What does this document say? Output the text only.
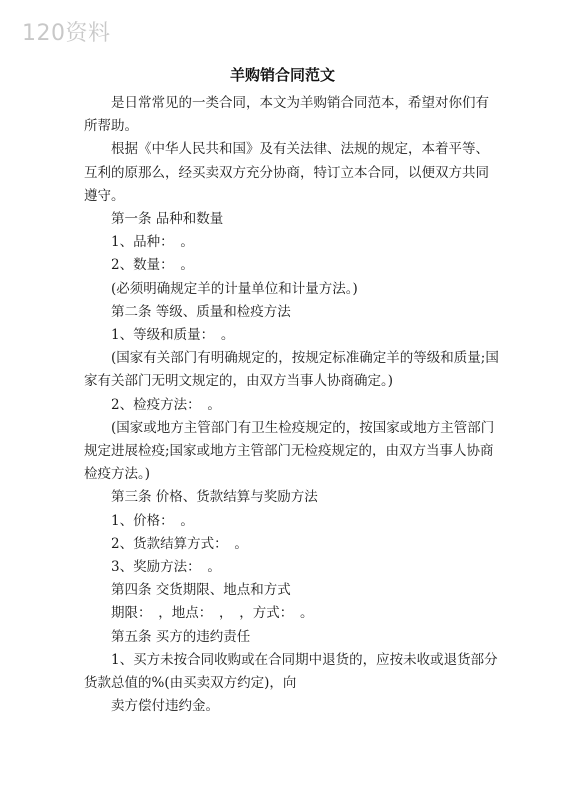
120资料
羊购销合同范文

是日常常见的一类合同，本文为羊购销合同范本，希望对你们有所帮助。

根据《中华人民共和国》及有关法律、法规的规定，本着平等、互利的原那么，经买卖双方充分协商，特订立本合同，以便双方共同遵守。

第一条 品种和数量

1、品种：　。

2、数量：　。

(必须明确规定羊的计量单位和计量方法。)

第二条 等级、质量和检疫方法

1、等级和质量：　。

(国家有关部门有明确规定的，按规定标准确定羊的等级和质量;国家有关部门无明文规定的，由双方当事人协商确定。)

2、检疫方法：　。

(国家或地方主管部门有卫生检疫规定的，按国家或地方主管部门规定进展检疫;国家或地方主管部门无检疫规定的，由双方当事人协商检疫方法。)

第三条 价格、货款结算与奖励方法

1、价格：　。

2、货款结算方式：　。

3、奖励方法：　。

第四条 交货期限、地点和方式

期限：　，地点：　，　，方式：　。

第五条 买方的违约责任

1、买方未按合同收购或在合同期中退货的，应按未收或退货部分货款总值的%(由买卖双方约定)，向

卖方偿付违约金。
